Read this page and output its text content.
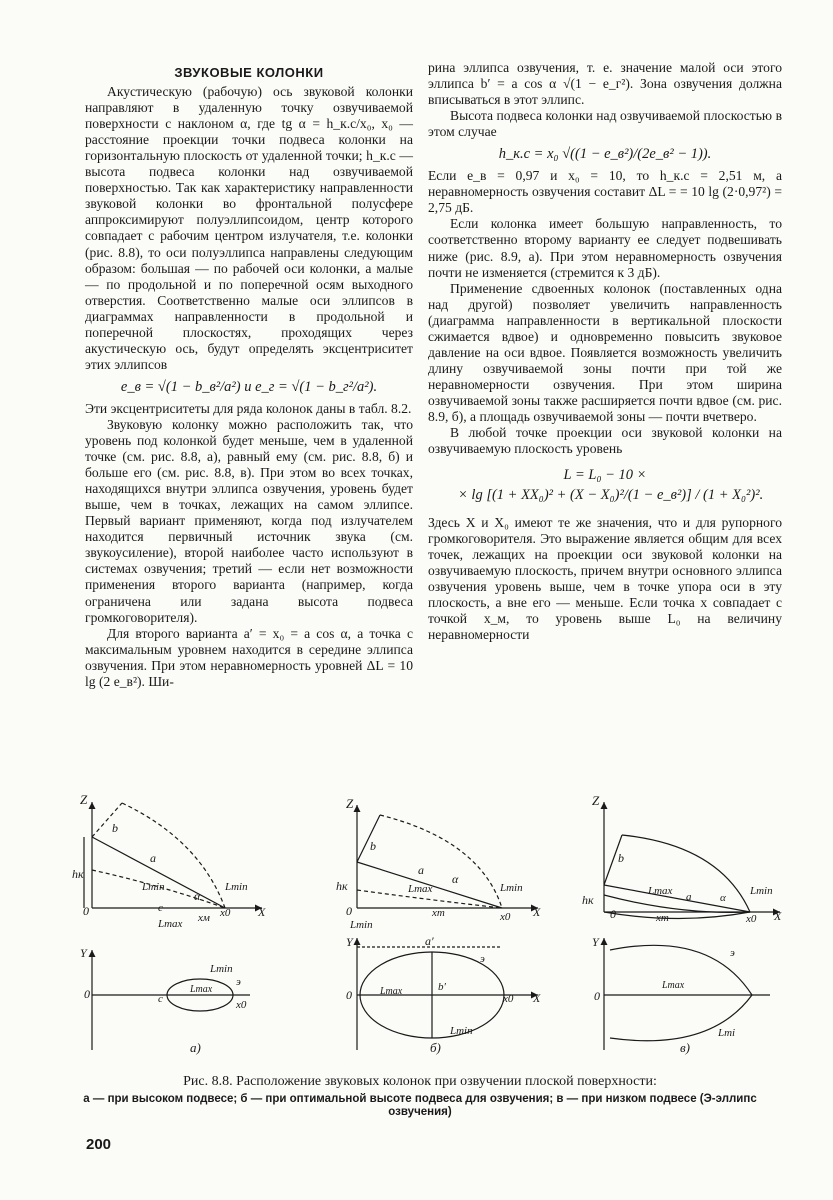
ЗВУКОВЫЕ КОЛОНКИ

Акустическую (рабочую) ось звуковой колонки направляют в удаленную точку озвучиваемой поверхности с наклоном α, где tg α = h_к.с/x₀, x₀ — расстояние проекции точки подвеса колонки на горизонтальную плоскость от удаленной точки; h_к.с — высота подвеса колонки над озвучиваемой поверхностью. Так как характеристику направленности звуковой колонки во фронтальной полусфере аппроксимируют полуэллипсоидом, центр которого совпадает с рабочим центром излучателя, т.е. колонки (рис. 8.8), то оси полуэллипса направлены следующим образом: большая — по рабочей оси колонки, а малые — по продольной и по поперечной осям выходного отверстия. Соответственно малые оси эллипсов в диаграммах направленности в продольной и поперечной плоскостях, проходящих через акустическую ось, будут определять эксцентриситет этих эллипсов

e_в = √(1 − b_в²/a²) и e_г = √(1 − b_г²/a²).

Эти эксцентриситеты для ряда колонок даны в табл. 8.2.

Звуковую колонку можно расположить так, что уровень под колонкой будет меньше, чем в удаленной точке (см. рис. 8.8, а), равный ему (см. рис. 8.8, б) и больше его (см. рис. 8.8, в). При этом во всех точках, находящихся внутри эллипса озвучения, уровень будет выше, чем в точках, лежащих на самом эллипсе. Первый вариант применяют, когда под излучателем находится первичный источник звука (см. звукоусиление), второй наиболее часто используют в системах озвучения; третий — если нет возможности применения второго варианта (например, когда ограничена или задана высота подвеса громкоговорителя).

Для второго варианта a′ = x₀ = a cos α, а точка с максимальным уровнем находится в середине эллипса озвучения. При этом неравномерность уровней ΔL = 10 lg (2 e_в²). Ши-

рина эллипса озвучения, т. е. значение малой оси этого эллипса b′ = a cos α √(1 − e_г²). Зона озвучения должна вписываться в этот эллипс.

Высота подвеса колонки над озвучиваемой плоскостью в этом случае

h_к.с = x₀ √((1 − e_в²)/(2e_в² − 1)).

Если e_в = 0,97 и x₀ = 10, то h_к.с = 2,51 м, а неравномерность озвучения составит ΔL = = 10 lg (2·0,97²) = 2,75 дБ.

Если колонка имеет большую направленность, то соответственно второму варианту ее следует подвешивать ниже (рис. 8.9, а). При этом неравномерность озвучения почти не изменяется (стремится к 3 дБ).

Применение сдвоенных колонок (поставленных одна над другой) позволяет увеличить направленность (диаграмма направленности в вертикальной плоскости сжимается вдвое) и одновременно повысить звуковое давление на оси вдвое. Появляется возможность увеличить длину озвучиваемой зоны почти при той же неравномерности озвучения. При этом ширина озвучиваемой зоны также расширяется почти вдвое (см. рис. 8.9, б), а площадь озвучиваемой зоны — почти вчетверо.

В любой точке проекции оси звуковой колонки на озвучиваемую плоскость уровень

L = L₀ − 10 ×
× lg [(1 + XX₀)² + (X − X₀)²/(1 − e_в²)] / (1 + X₀²)².

Здесь X и X₀ имеют те же значения, что и для рупорного громкоговорителя. Это выражение является общим для всех точек, лежащих на проекции оси звуковой колонки на озвучиваемую плоскость, причем внутри основного эллипса озвучения уровень выше, чем в точке упора оси в эту плоскость, а вне его — меньше. Если точка x совпадает с точкой x_м, то уровень выше L₀ на величину неравномерности

Z
hк
b
a
Lmin	Lmin
α
0	c
Lmax xм x0 X
Y
Lmin
э
Lmax
0	c	x0
а)
Z
hк
b
a
α
Lmax	Lmin
0
Lmin
xm	x0 X
Y	a′
э
b′
Lmax
0	x0 X
Lmin
б)
Z
b
hк
Lmax a	α
Lmin
0	xm	x0 X
Y
э
Lmax
0
Lmi
в)
Рис. 8.8. Расположение звуковых колонок при озвучении плоской поверхности:
а — при высоком подвесе; б — при оптимальной высоте подвеса для озвучения; в — при низком подвесе (Э-эллипс озвучения)
200
